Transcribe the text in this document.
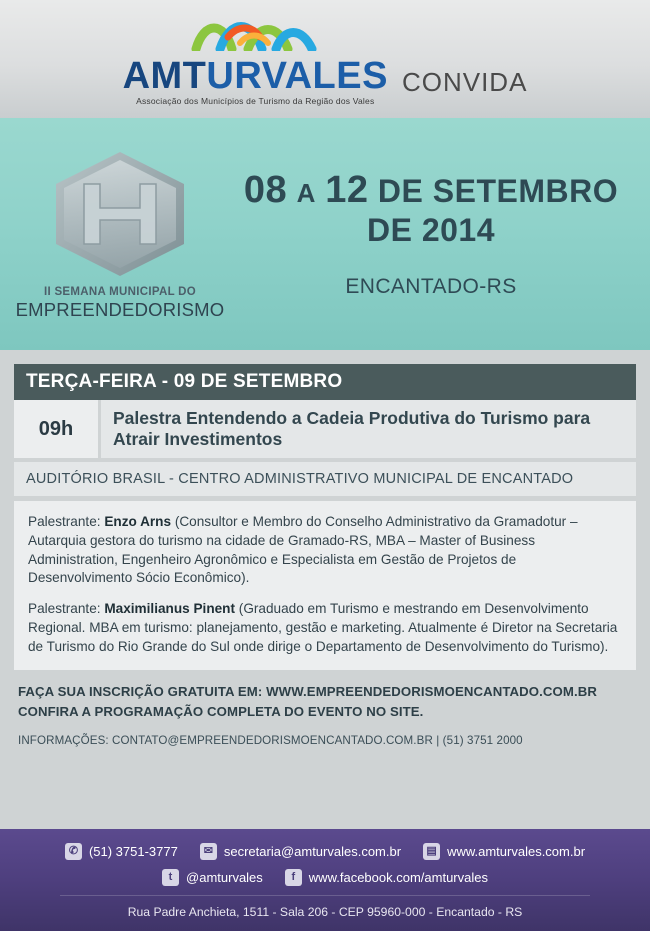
AMTURVALES
Associação dos Municípios de Turismo da Região dos Vales
CONVIDA
II SEMANA MUNICIPAL DO
EMPREENDEDORISMO
08 A 12 DE SETEMBRO
DE 2014
ENCANTADO-RS
TERÇA-FEIRA - 09 DE SETEMBRO
09h	Palestra Entendendo a Cadeia Produtiva do Turismo para Atrair Investimentos
AUDITÓRIO BRASIL - CENTRO ADMINISTRATIVO MUNICIPAL DE ENCANTADO

Palestrante: Enzo Arns (Consultor e Membro do Conselho Administrativo da Gramadotur – Autarquia gestora do turismo na cidade de Gramado-RS, MBA – Master of Business Administration, Engenheiro Agronômico e Especialista em Gestão de Projetos de Desenvolvimento Sócio Econômico).

Palestrante: Maximilianus Pinent (Graduado em Turismo e mestrando em Desenvolvimento Regional. MBA em turismo: planejamento, gestão e marketing. Atualmente é Diretor na Secretaria de Turismo do Rio Grande do Sul onde dirige o Departamento de Desenvolvimento do Turismo).

FAÇA SUA INSCRIÇÃO GRATUITA EM: WWW.EMPREENDEDORISMOENCANTADO.COM.BR
CONFIRA A PROGRAMAÇÃO COMPLETA DO EVENTO NO SITE.
INFORMAÇÕES: CONTATO@EMPREENDEDORISMOENCANTADO.COM.BR | (51) 3751 2000
✆ (51) 3751-3777	✉ secretaria@amturvales.com.br ▤ www.amturvales.com.br
t	@amturvales	f	www.facebook.com/amturvales
Rua Padre Anchieta, 1511 - Sala 206 - CEP 95960-000 - Encantado - RS
